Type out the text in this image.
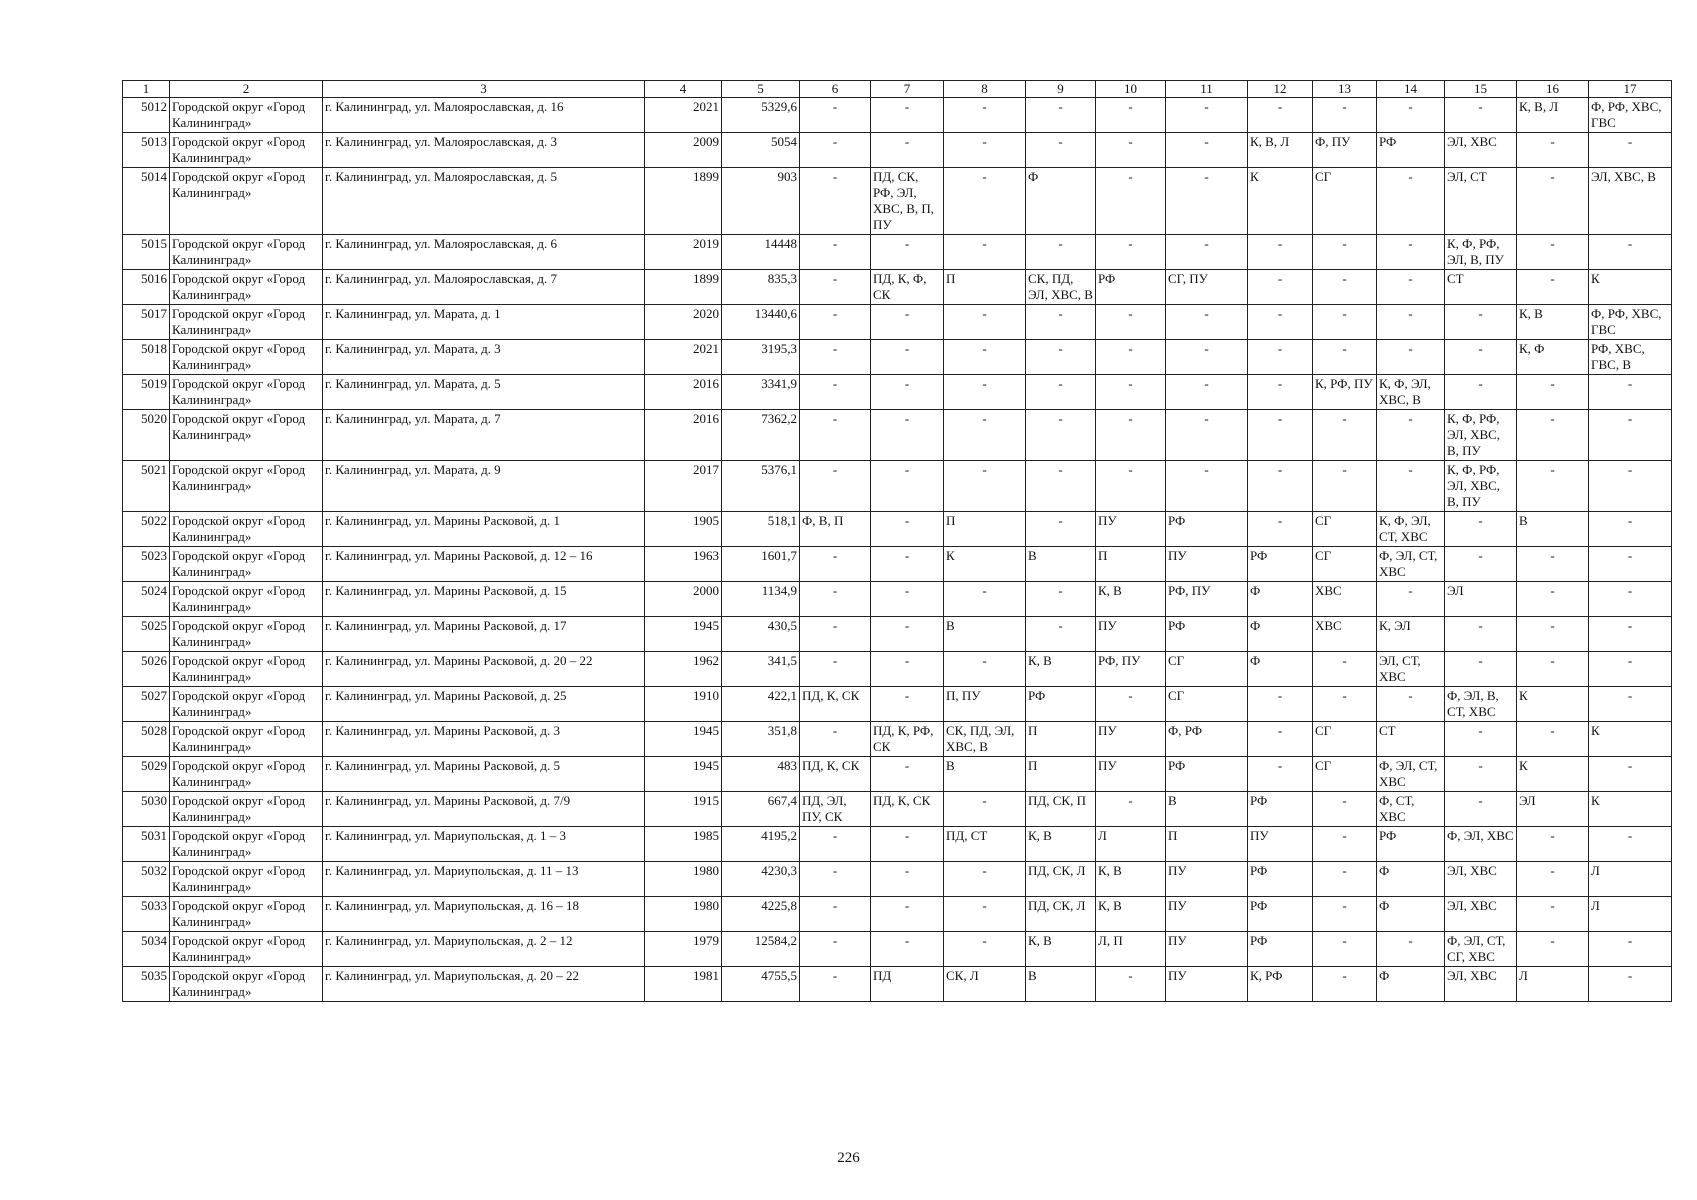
1	2	3	4	5	6	7	8	9	10	11	12	13	14	15	16	17
5012	Городской округ «Город Калининград»	г. Калининград, ул. Малоярославская, д. 16	2021	5329,6	-	-	-	-	-	-	-	-	-	-	К, В, Л	Ф, РФ, ХВС, ГВС
5013	Городской округ «Город Калининград»	г. Калининград, ул. Малоярославская, д. 3	2009	5054	-	-	-	-	-	-	К, В, Л	Ф, ПУ	РФ	ЭЛ, ХВС	-	-
5014	Городской округ «Город Калининград»	г. Калининград, ул. Малоярославская, д. 5	1899	903	-	ПД, СК, РФ, ЭЛ, ХВС, В, П, ПУ	-	Ф	-	-	К	СГ	-	ЭЛ, СТ	-	ЭЛ, ХВС, В
5015	Городской округ «Город Калининград»	г. Калининград, ул. Малоярославская, д. 6	2019	14448	-	-	-	-	-	-	-	-	-	К, Ф, РФ, ЭЛ, В, ПУ	-	-
5016	Городской округ «Город Калининград»	г. Калининград, ул. Малоярославская, д. 7	1899	835,3	-	ПД, К, Ф, СК	П	СК, ПД, ЭЛ, ХВС, В	РФ	СГ, ПУ	-	-	-	СТ	-	К
5017	Городской округ «Город Калининград»	г. Калининград, ул. Марата, д. 1	2020	13440,6	-	-	-	-	-	-	-	-	-	-	К, В	Ф, РФ, ХВС, ГВС
5018	Городской округ «Город Калининград»	г. Калининград, ул. Марата, д. 3	2021	3195,3	-	-	-	-	-	-	-	-	-	-	К, Ф	РФ, ХВС, ГВС, В
5019	Городской округ «Город Калининград»	г. Калининград, ул. Марата, д. 5	2016	3341,9	-	-	-	-	-	-	-	К, РФ, ПУ	К, Ф, ЭЛ, ХВС, В	-	-	-
5020	Городской округ «Город Калининград»	г. Калининград, ул. Марата, д. 7	2016	7362,2	-	-	-	-	-	-	-	-	-	К, Ф, РФ, ЭЛ, ХВС, В, ПУ	-	-
5021	Городской округ «Город Калининград»	г. Калининград, ул. Марата, д. 9	2017	5376,1	-	-	-	-	-	-	-	-	-	К, Ф, РФ, ЭЛ, ХВС, В, ПУ	-	-
5022	Городской округ «Город Калининград»	г. Калининград, ул. Марины Расковой, д. 1	1905	518,1	Ф, В, П	-	П	-	ПУ	РФ	-	СГ	К, Ф, ЭЛ, СТ, ХВС	-	В	-
5023	Городской округ «Город Калининград»	г. Калининград, ул. Марины Расковой, д. 12 – 16	1963	1601,7	-	-	К	В	П	ПУ	РФ	СГ	Ф, ЭЛ, СТ, ХВС	-	-	-
5024	Городской округ «Город Калининград»	г. Калининград, ул. Марины Расковой, д. 15	2000	1134,9	-	-	-	-	К, В	РФ, ПУ	Ф	ХВС	-	ЭЛ	-	-
5025	Городской округ «Город Калининград»	г. Калининград, ул. Марины Расковой, д. 17	1945	430,5	-	-	В	-	ПУ	РФ	Ф	ХВС	К, ЭЛ	-	-	-
5026	Городской округ «Город Калининград»	г. Калининград, ул. Марины Расковой, д. 20 – 22	1962	341,5	-	-	-	К, В	РФ, ПУ	СГ	Ф	-	ЭЛ, СТ, ХВС	-	-	-
5027	Городской округ «Город Калининград»	г. Калининград, ул. Марины Расковой, д. 25	1910	422,1	ПД, К, СК	-	П, ПУ	РФ	-	СГ	-	-	-	Ф, ЭЛ, В, СТ, ХВС	К	-
5028	Городской округ «Город Калининград»	г. Калининград, ул. Марины Расковой, д. 3	1945	351,8	-	ПД, К, РФ, СК	СК, ПД, ЭЛ, ХВС, В	П	ПУ	Ф, РФ	-	СГ	СТ	-	-	К
5029	Городской округ «Город Калининград»	г. Калининград, ул. Марины Расковой, д. 5	1945	483	ПД, К, СК	-	В	П	ПУ	РФ	-	СГ	Ф, ЭЛ, СТ, ХВС	-	К	-
5030	Городской округ «Город Калининград»	г. Калининград, ул. Марины Расковой, д. 7/9	1915	667,4	ПД, ЭЛ, ПУ, СК	ПД, К, СК	-	ПД, СК, П	-	В	РФ	-	Ф, СТ, ХВС	-	ЭЛ	К
5031	Городской округ «Город Калининград»	г. Калининград, ул. Мариупольская, д. 1 – 3	1985	4195,2	-	-	ПД, СТ	К, В	Л	П	ПУ	-	РФ	Ф, ЭЛ, ХВС	-	-
5032	Городской округ «Город Калининград»	г. Калининград, ул. Мариупольская, д. 11 – 13	1980	4230,3	-	-	-	ПД, СК, Л	К, В	ПУ	РФ	-	Ф	ЭЛ, ХВС	-	Л
5033	Городской округ «Город Калининград»	г. Калининград, ул. Мариупольская, д. 16 – 18	1980	4225,8	-	-	-	ПД, СК, Л	К, В	ПУ	РФ	-	Ф	ЭЛ, ХВС	-	Л
5034	Городской округ «Город Калининград»	г. Калининград, ул. Мариупольская, д. 2 – 12	1979	12584,2	-	-	-	К, В	Л, П	ПУ	РФ	-	-	Ф, ЭЛ, СТ, СГ, ХВС	-	-
5035	Городской округ «Город Калининград»	г. Калининград, ул. Мариупольская, д. 20 – 22	1981	4755,5	-	ПД	СК, Л	В	-	ПУ	К, РФ	-	Ф	ЭЛ, ХВС	Л	-
226
